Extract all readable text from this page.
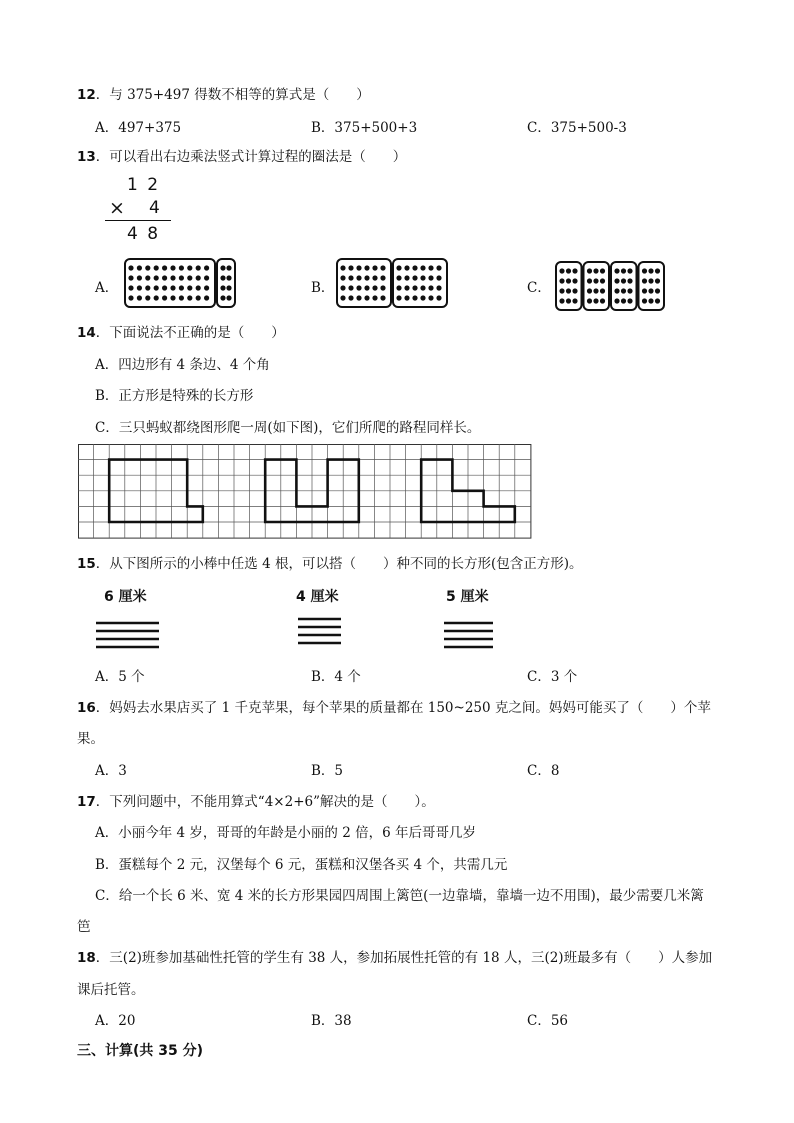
12．与 375+497 得数不相等的算式是（　　）
A．497+375	B．375+500+3	C．375+500-3
13．可以看出右边乘法竖式计算过程的圈法是（　　）
1 2
× 4
4 8
A．	B．	C．
14．下面说法不正确的是（　　）
A．四边形有 4 条边、4 个角
B．正方形是特殊的长方形
C．三只蚂蚁都绕图形爬一周(如下图)，它们所爬的路程同样长。
15．从下图所示的小棒中任选 4 根，可以搭（　　）种不同的长方形(包含正方形)。
6 厘米	4 厘米	5 厘米
A．5 个	B．4 个	C．3 个
16．妈妈去水果店买了 1 千克苹果，每个苹果的质量都在 150~250 克之间。妈妈可能买了（　　）个苹
果。
A．3	B．5	C．8
17．下列问题中，不能用算式“4×2+6”解决的是（　　）。
A．小丽今年 4 岁，哥哥的年龄是小丽的 2 倍，6 年后哥哥几岁
B．蛋糕每个 2 元，汉堡每个 6 元，蛋糕和汉堡各买 4 个，共需几元
C．给一个长 6 米、宽 4 米的长方形果园四周围上篱笆(一边靠墙，靠墙一边不用围)，最少需要几米篱
笆
18．三(2)班参加基础性托管的学生有 38 人，参加拓展性托管的有 18 人，三(2)班最多有（　　）人参加
课后托管。
A．20	B．38	C．56
三、计算(共 35 分)
